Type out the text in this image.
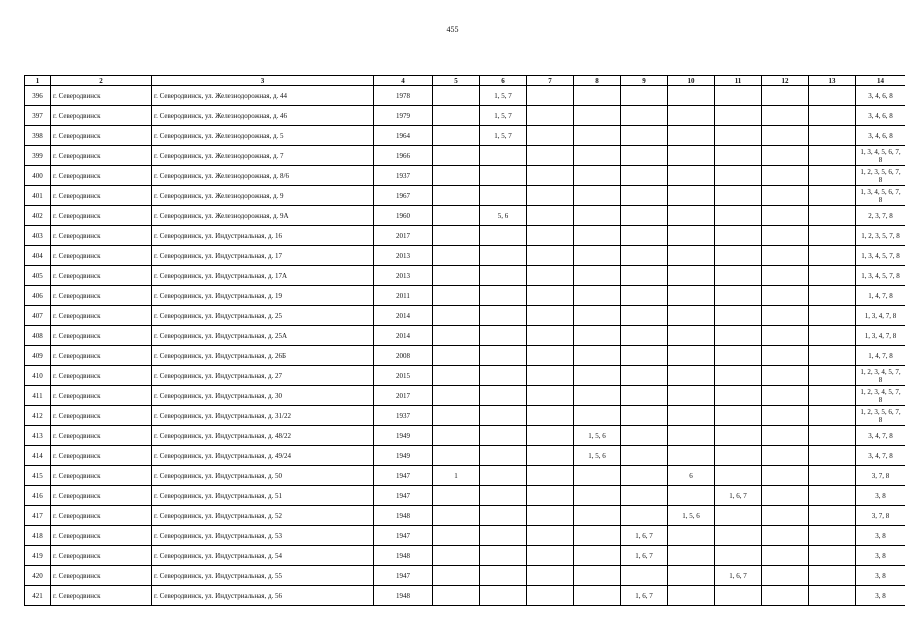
455
1	2	3	4	5	6	7	8	9	10	11	12	13	14
396	г. Северодвинск	г. Северодвинск, ул. Железнодорожная, д. 44	1978		1, 5, 7								3, 4, 6, 8
397	г. Северодвинск	г. Северодвинск, ул. Железнодорожная, д. 46	1979		1, 5, 7								3, 4, 6, 8
398	г. Северодвинск	г. Северодвинск, ул. Железнодорожная, д. 5	1964		1, 5, 7								3, 4, 6, 8
399	г. Северодвинск	г. Северодвинск, ул. Железнодорожная, д. 7	1966										1, 3, 4, 5, 6, 7, 8
400	г. Северодвинск	г. Северодвинск, ул. Железнодорожная, д. 8/6	1937										1, 2, 3, 5, 6, 7, 8
401	г. Северодвинск	г. Северодвинск, ул. Железнодорожная, д. 9	1967										1, 3, 4, 5, 6, 7, 8
402	г. Северодвинск	г. Северодвинск, ул. Железнодорожная, д. 9А	1960		5, 6								2, 3, 7, 8
403	г. Северодвинск	г. Северодвинск, ул. Индустриальная, д. 16	2017										1, 2, 3, 5, 7, 8
404	г. Северодвинск	г. Северодвинск, ул. Индустриальная, д. 17	2013										1, 3, 4, 5, 7, 8
405	г. Северодвинск	г. Северодвинск, ул. Индустриальная, д. 17А	2013										1, 3, 4, 5, 7, 8
406	г. Северодвинск	г. Северодвинск, ул. Индустриальная, д. 19	2011										1, 4, 7, 8
407	г. Северодвинск	г. Северодвинск, ул. Индустриальная, д. 25	2014										1, 3, 4, 7, 8
408	г. Северодвинск	г. Северодвинск, ул. Индустриальная, д. 25А	2014										1, 3, 4, 7, 8
409	г. Северодвинск	г. Северодвинск, ул. Индустриальная, д. 26Б	2008										1, 4, 7, 8
410	г. Северодвинск	г. Северодвинск, ул. Индустриальная, д. 27	2015										1, 2, 3, 4, 5, 7, 8
411	г. Северодвинск	г. Северодвинск, ул. Индустриальная, д. 30	2017										1, 2, 3, 4, 5, 7, 8
412	г. Северодвинск	г. Северодвинск, ул. Индустриальная, д. 31/22	1937										1, 2, 3, 5, 6, 7, 8
413	г. Северодвинск	г. Северодвинск, ул. Индустриальная, д. 48/22	1949				1, 5, 6						3, 4, 7, 8
414	г. Северодвинск	г. Северодвинск, ул. Индустриальная, д. 49/24	1949				1, 5, 6						3, 4, 7, 8
415	г. Северодвинск	г. Северодвинск, ул. Индустриальная, д. 50	1947	1					6				3, 7, 8
416	г. Северодвинск	г. Северодвинск, ул. Индустриальная, д. 51	1947							1, 6, 7			3, 8
417	г. Северодвинск	г. Северодвинск, ул. Индустриальная, д. 52	1948						1, 5, 6				3, 7, 8
418	г. Северодвинск	г. Северодвинск, ул. Индустриальная, д. 53	1947					1, 6, 7					3, 8
419	г. Северодвинск	г. Северодвинск, ул. Индустриальная, д. 54	1948					1, 6, 7					3, 8
420	г. Северодвинск	г. Северодвинск, ул. Индустриальная, д. 55	1947							1, 6, 7			3, 8
421	г. Северодвинск	г. Северодвинск, ул. Индустриальная, д. 56	1948					1, 6, 7					3, 8
